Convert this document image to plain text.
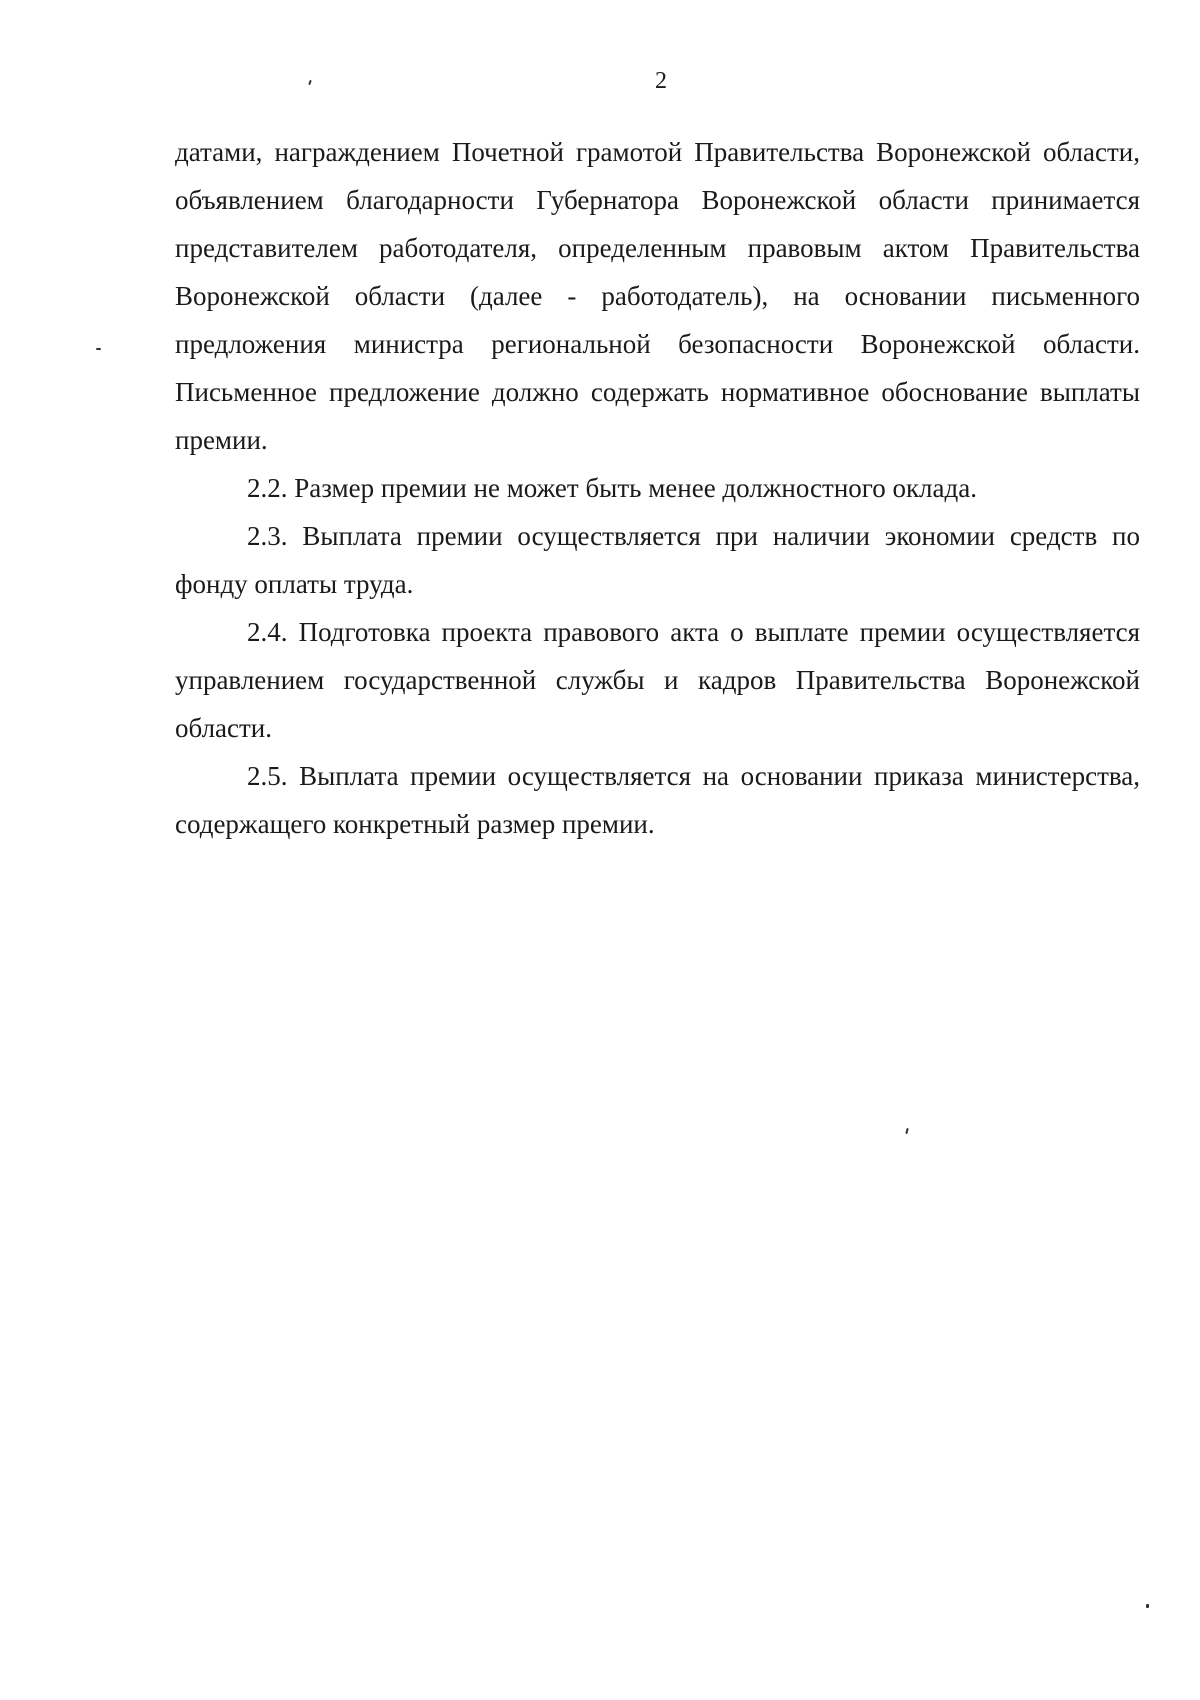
2

датами, награждением Почетной грамотой Правительства Воронежской области, объявлением благодарности Губернатора Воронежской области принимается представителем работодателя, определенным правовым актом Правительства Воронежской области (далее - работодатель), на основании письменного предложения министра региональной безопасности Воронежской области. Письменное предложение должно содержать нормативное обоснование выплаты премии.

2.2. Размер премии не может быть менее должностного оклада.

2.3. Выплата премии осуществляется при наличии экономии средств по фонду оплаты труда.

2.4. Подготовка проекта правового акта о выплате премии осуществляется управлением государственной службы и кадров Правительства Воронежской области.

2.5. Выплата премии осуществляется на основании приказа министерства, содержащего конкретный размер премии.
